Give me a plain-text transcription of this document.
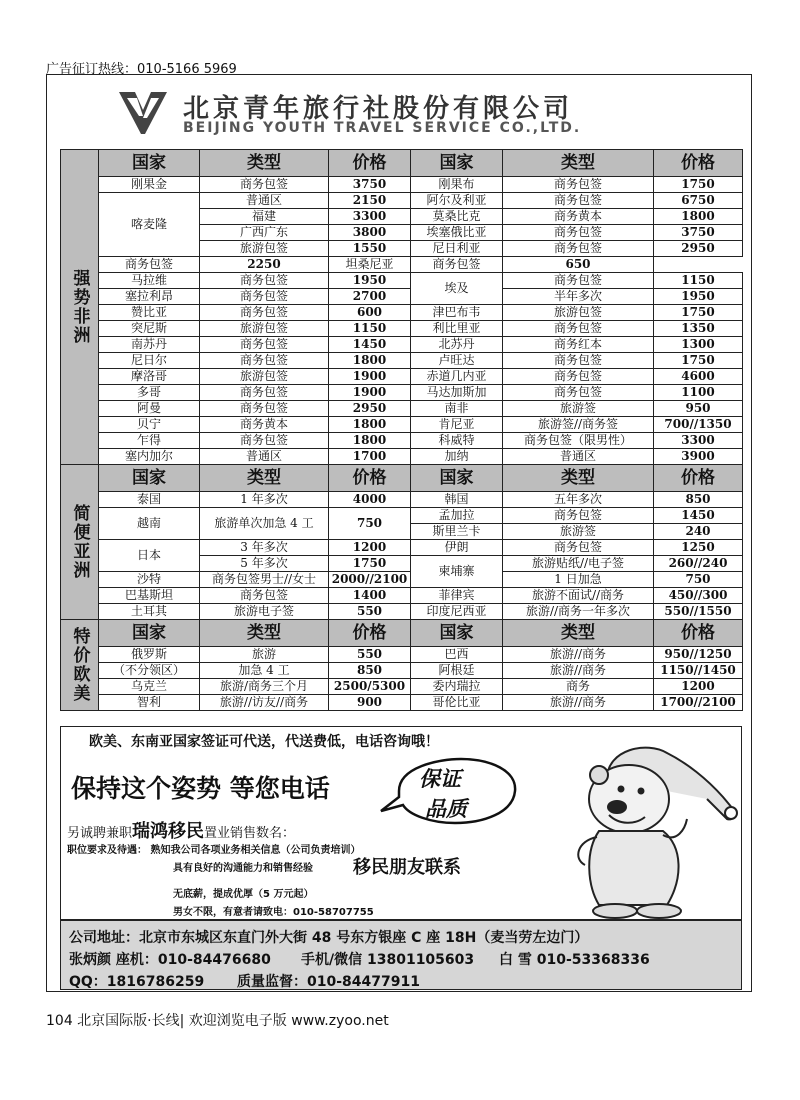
广告征订热线：010-5166 5969
北京青年旅行社股份有限公司
BEIJING YOUTH TRAVEL SERVICE CO.,LTD.
强势非洲	国家	类型	价格	国家	类型	价格
	刚果金	商务包签	3750	刚果布	商务包签	1750
	喀麦隆	普通区	2150	阿尔及利亚	商务包签	6750
		福建	3300	莫桑比克	商务黄本	1800
		广西广东	3800	埃塞俄比亚	商务包签	3750
		旅游包签	1550	尼日利亚	商务包签	2950
	商务包签	2250	坦桑尼亚	商务包签	650	
	马拉维	商务包签	1950	埃及	商务包签	1150
	塞拉利昂	商务包签	2700		半年多次	1950
	赞比亚	商务包签	600	津巴布韦	旅游包签	1750
	突尼斯	旅游包签	1150	利比里亚	商务包签	1350
	南苏丹	商务包签	1450	北苏丹	商务红本	1300
	尼日尔	商务包签	1800	卢旺达	商务包签	1750
	摩洛哥	旅游包签	1900	赤道几内亚	商务包签	4600
	多哥	商务包签	1900	马达加斯加	商务包签	1100
	阿曼	商务包签	2950	南非	旅游签	950
	贝宁	商务黄本	1800	肯尼亚	旅游签//商务签	700//1350
	乍得	商务包签	1800	科威特	商务包签（限男性）	3300
	塞内加尔	普通区	1700	加纳	普通区	3900
简便亚洲	国家	类型	价格	国家	类型	价格
	泰国	1 年多次	4000	韩国	五年多次	850
	越南	旅游单次加急 4 工	750	孟加拉	商务包签	1450
				斯里兰卡	旅游签	240
	日本	3 年多次	1200	伊朗	商务包签	1250
		5 年多次	1750	柬埔寨	旅游贴纸//电子签	260//240
	沙特	商务包签男士//女士	2000//2100		1 日加急	750
	巴基斯坦	商务包签	1400	菲律宾	旅游不面试//商务	450//300
	土耳其	旅游电子签	550	印度尼西亚	旅游//商务一年多次	550//1550
特价欧美	国家	类型	价格	国家	类型	价格
	俄罗斯	旅游	550	巴西	旅游//商务	950//1250
	（不分领区）	加急 4 工	850	阿根廷	旅游//商务	1150//1450
	乌克兰	旅游/商务三个月	2500/5300	委内瑞拉	商务	1200
	智利	旅游//访友//商务	900	哥伦比亚	旅游//商务	1700//2100
欧美、东南亚国家签证可代送，代送费低，电话咨询哦！
保持这个姿势 等您电话	保证
品质
另诚聘兼职瑞鸿移民置业销售数名：
职位要求及待遇： 熟知我公司各项业务相关信息（公司负责培训）
具有良好的沟通能力和销售经验 移民朋友联系
无底薪，提成优厚（5 万元起）
男女不限，有意者请致电：010-58707755
公司地址：北京市东城区东直门外大街 48 号东方银座 C 座 18H（麦当劳左边门）
张炳颜 座机：010-84476680 手机/微信 13801105603 白 雪 010-53368336
QQ：1816786259 质量监督：010-84477911
104 北京国际版·长线| 欢迎浏览电子版 www.zyoo.net
